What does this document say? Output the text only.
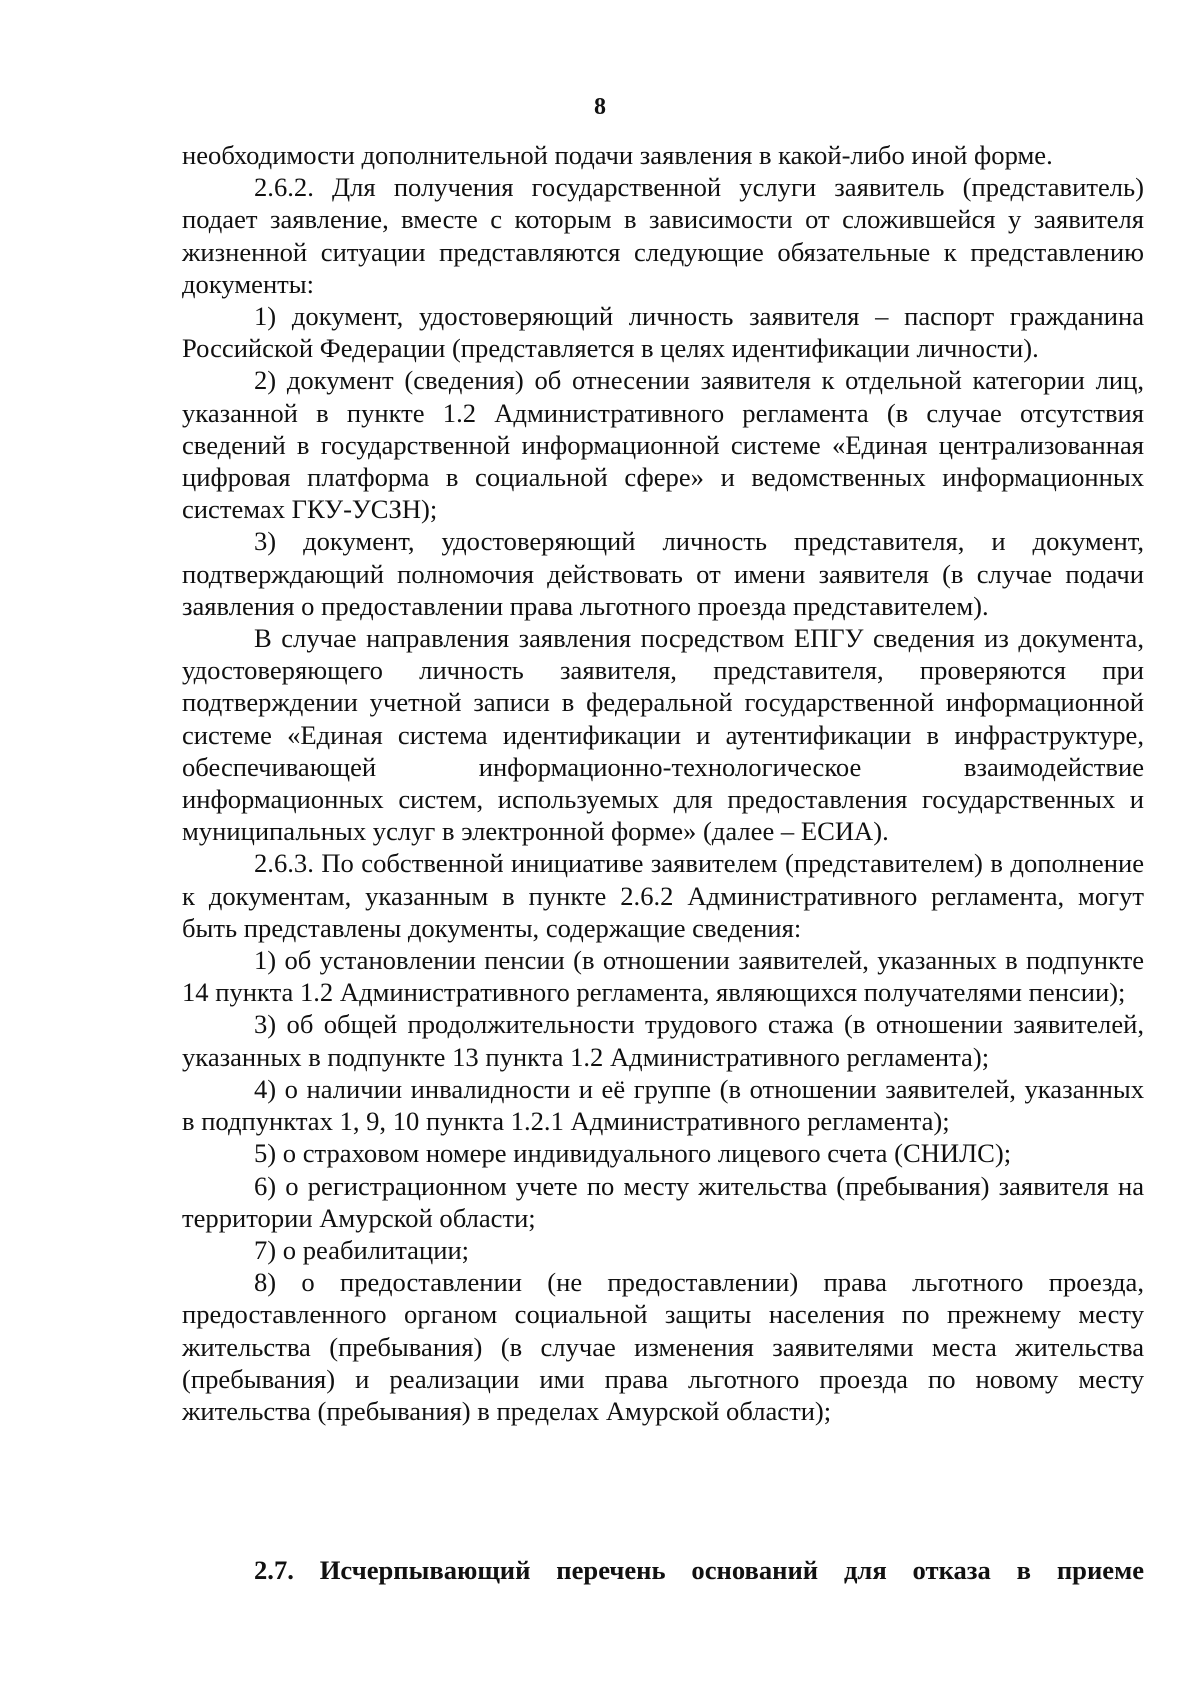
8

необходимости дополнительной подачи заявления в какой-либо иной форме.

2.6.2. Для получения государственной услуги заявитель (представитель) подает заявление, вместе с которым в зависимости от сложившейся у заявителя жизненной ситуации представляются следующие обязательные к представлению документы:

1) документ, удостоверяющий личность заявителя – паспорт гражданина Российской Федерации (представляется в целях идентификации личности).

2) документ (сведения) об отнесении заявителя к отдельной категории лиц, указанной в пункте 1.2 Административного регламента (в случае отсутствия сведений в государственной информационной системе «Единая централизованная цифровая платформа в социальной сфере» и ведомственных информационных системах ГКУ-УСЗН);

3) документ, удостоверяющий личность представителя, и документ, подтверждающий полномочия действовать от имени заявителя (в случае подачи заявления о предоставлении права льготного проезда представителем).

В случае направления заявления посредством ЕПГУ сведения из документа, удостоверяющего личность заявителя, представителя, проверяются при подтверждении учетной записи в федеральной государственной информационной системе «Единая система идентификации и аутентификации в инфраструктуре, обеспечивающей информационно-технологическое взаимодействие информационных систем, используемых для предоставления государственных и муниципальных услуг в электронной форме» (далее – ЕСИА).

2.6.3. По собственной инициативе заявителем (представителем) в дополнение к документам, указанным в пункте 2.6.2 Административного регламента, могут быть представлены документы, содержащие сведения:

1) об установлении пенсии (в отношении заявителей, указанных в подпункте 14 пункта 1.2 Административного регламента, являющихся получателями пенсии);

3) об общей продолжительности трудового стажа (в отношении заявителей, указанных в подпункте 13 пункта 1.2 Административного регламента);

4) о наличии инвалидности и её группе (в отношении заявителей, указанных в подпунктах 1, 9, 10 пункта 1.2.1 Административного регламента);

5) о страховом номере индивидуального лицевого счета (СНИЛС);

6) о регистрационном учете по месту жительства (пребывания) заявителя на территории Амурской области;

7) о реабилитации;

8) о предоставлении (не предоставлении) права льготного проезда, предоставленного органом социальной защиты населения по прежнему месту жительства (пребывания) (в случае изменения заявителями места жительства (пребывания) и реализации ими права льготного проезда по новому месту жительства (пребывания) в пределах Амурской области);

2.7. Исчерпывающий перечень оснований для отказа в приеме
